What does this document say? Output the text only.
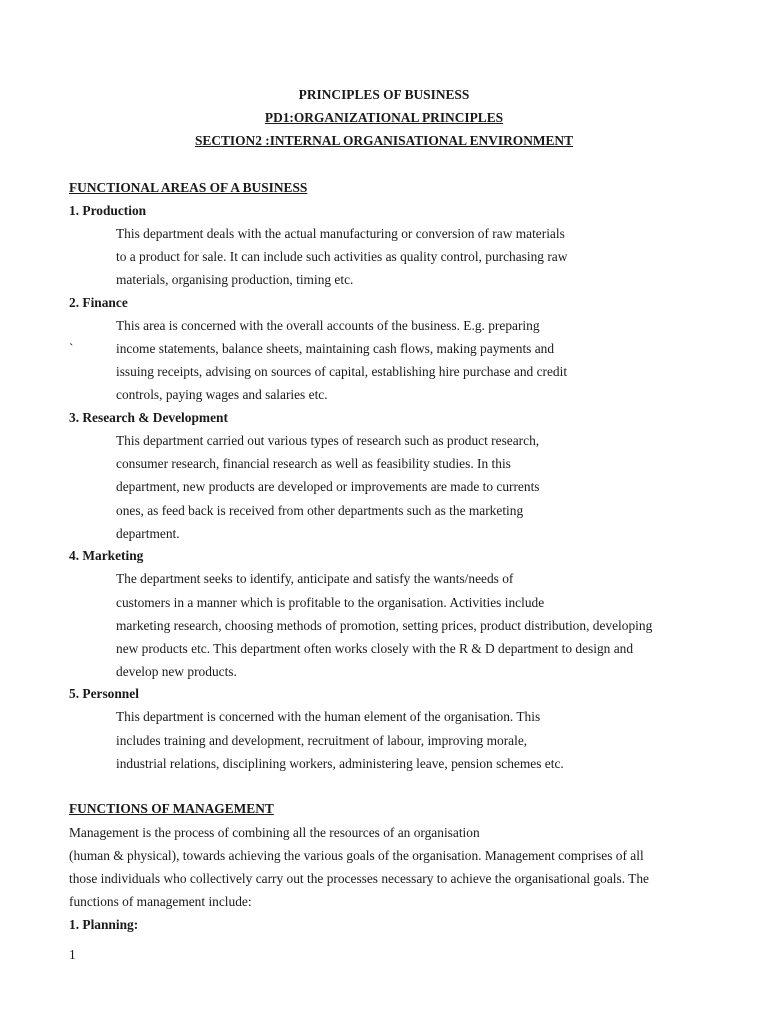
PRINCIPLES OF BUSINESS
PD1:ORGANIZATIONAL PRINCIPLES
SECTION2 :INTERNAL ORGANISATIONAL ENVIRONMENT
FUNCTIONAL AREAS OF A BUSINESS
1. Production
This department deals with the actual manufacturing or conversion of raw materials
to a product for sale. It can include such activities as quality control, purchasing raw
materials, organising production, timing etc.
2. Finance
This area is concerned with the overall accounts of the business. E.g. preparing
`	income statements, balance sheets, maintaining cash flows, making payments and
issuing receipts, advising on sources of capital, establishing hire purchase and credit
controls, paying wages and salaries etc.
3. Research & Development
This department carried out various types of research such as product research,
consumer research, financial research as well as feasibility studies. In this
department, new products are developed or improvements are made to currents
ones, as feed back is received from other departments such as the marketing
department.
4. Marketing
The department seeks to identify, anticipate and satisfy the wants/needs of
customers in a manner which is profitable to the organisation. Activities include
marketing research, choosing methods of promotion, setting prices, product distribution, developing
new products etc. This department often works closely with the R & D department to design and
develop new products.
5. Personnel
This department is concerned with the human element of the organisation. This
includes training and development, recruitment of labour, improving morale,
industrial relations, disciplining workers, administering leave, pension schemes etc.
FUNCTIONS OF MANAGEMENT
Management is the process of combining all the resources of an organisation
(human & physical), towards achieving the various goals of the organisation. Management comprises of all
those individuals who collectively carry out the processes necessary to achieve the organisational goals. The
functions of management include:
1. Planning:
1
